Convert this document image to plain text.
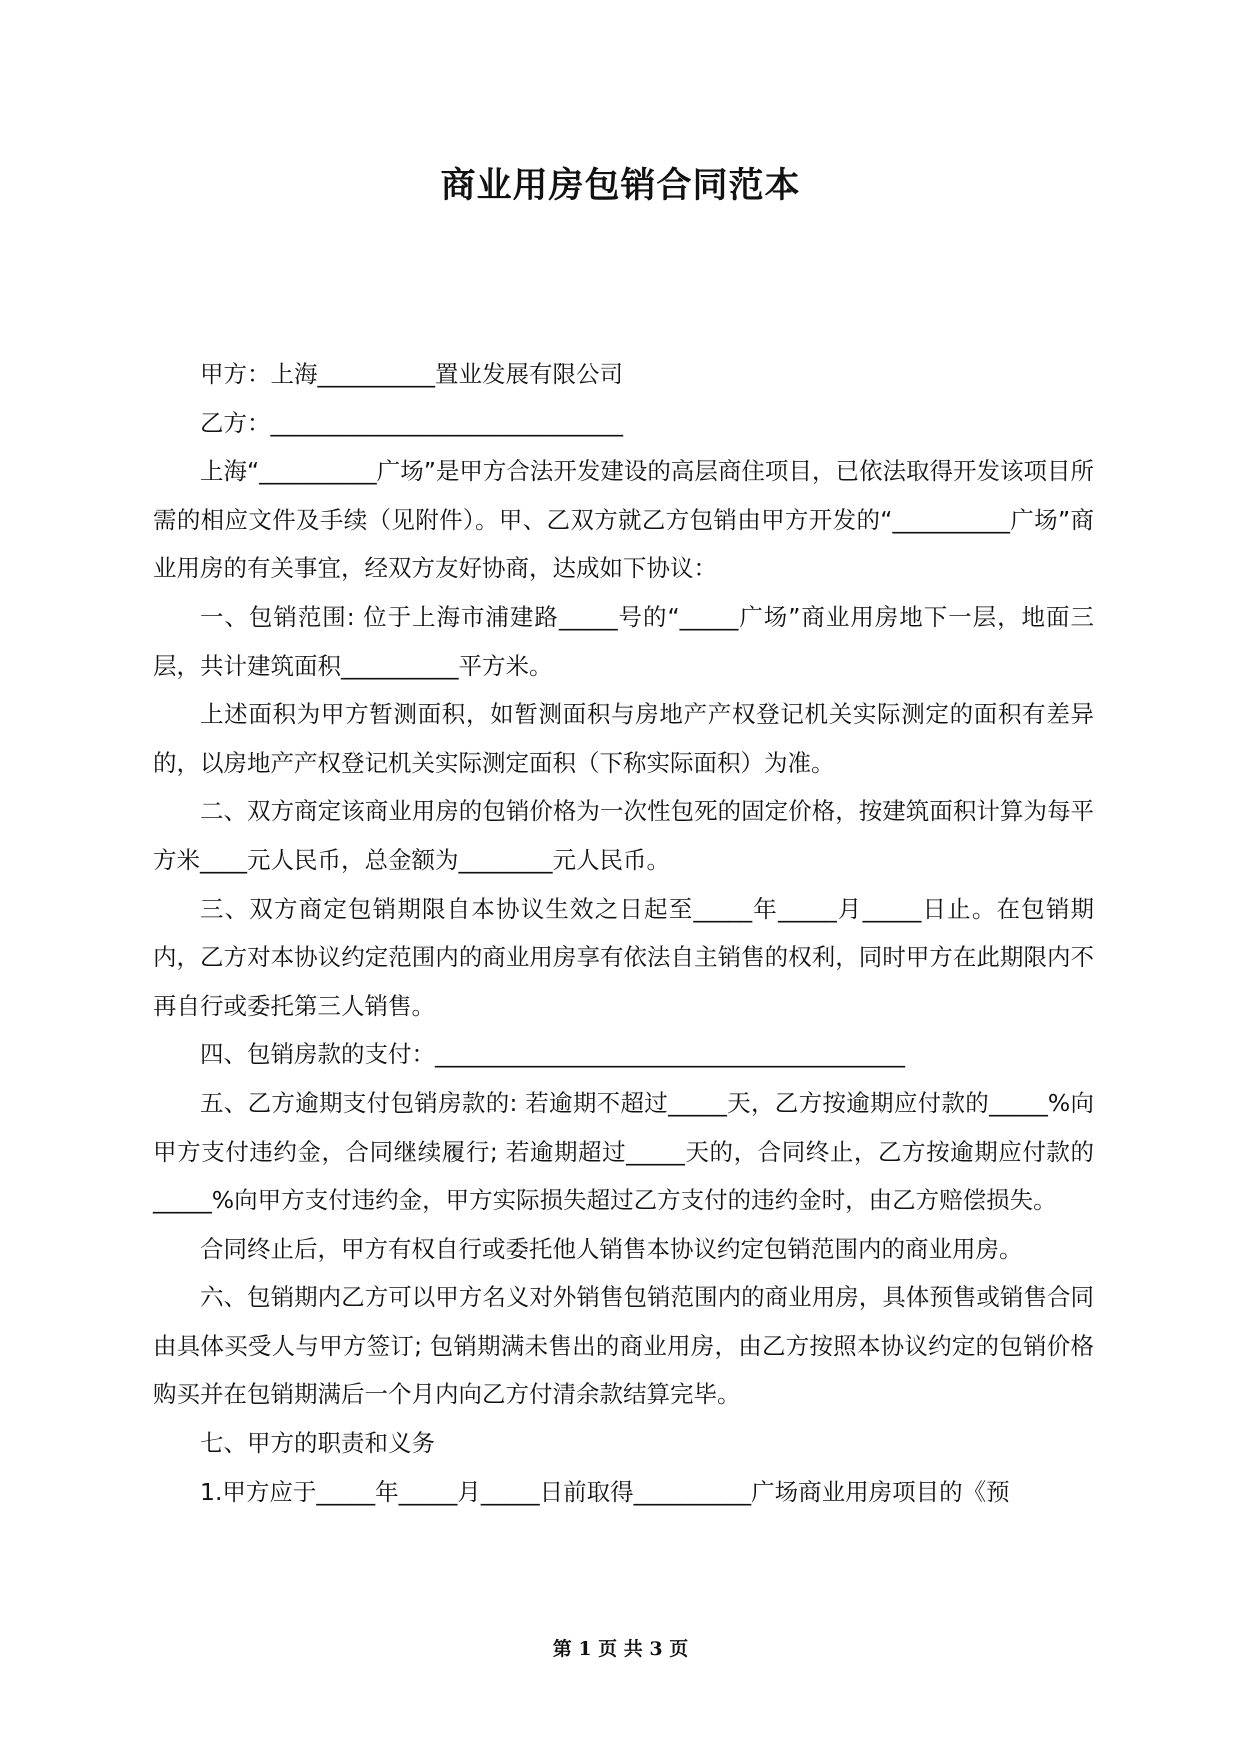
商业用房包销合同范本

甲方：上海__________置业发展有限公司

乙方：______________________________

上海“__________广场”是甲方合法开发建设的高层商住项目，已依法取得开发该项目所需的相应文件及手续（见附件）。甲、乙双方就乙方包销由甲方开发的“__________广场”商业用房的有关事宜，经双方友好协商，达成如下协议：

一、包销范围: 位于上海市浦建路_____号的“_____广场”商业用房地下一层，地面三层，共计建筑面积__________平方米。

上述面积为甲方暂测面积，如暂测面积与房地产产权登记机关实际测定的面积有差异的，以房地产产权登记机关实际测定面积（下称实际面积）为准。

二、双方商定该商业用房的包销价格为一次性包死的固定价格，按建筑面积计算为每平方米____元人民币，总金额为________元人民币。

三、双方商定包销期限自本协议生效之日起至_____年_____月_____日止。在包销期内，乙方对本协议约定范围内的商业用房享有依法自主销售的权利，同时甲方在此期限内不再自行或委托第三人销售。

四、包销房款的支付：________________________________________

五、乙方逾期支付包销房款的: 若逾期不超过_____天，乙方按逾期应付款的_____%向甲方支付违约金，合同继续履行; 若逾期超过_____天的，合同终止，乙方按逾期应付款的_____%向甲方支付违约金，甲方实际损失超过乙方支付的违约金时，由乙方赔偿损失。

合同终止后，甲方有权自行或委托他人销售本协议约定包销范围内的商业用房。

六、包销期内乙方可以甲方名义对外销售包销范围内的商业用房，具体预售或销售合同由具体买受人与甲方签订; 包销期满未售出的商业用房，由乙方按照本协议约定的包销价格购买并在包销期满后一个月内向乙方付清余款结算完毕。

七、甲方的职责和义务

1.甲方应于_____年_____月_____日前取得__________广场商业用房项目的《预

第 1 页 共 3 页
